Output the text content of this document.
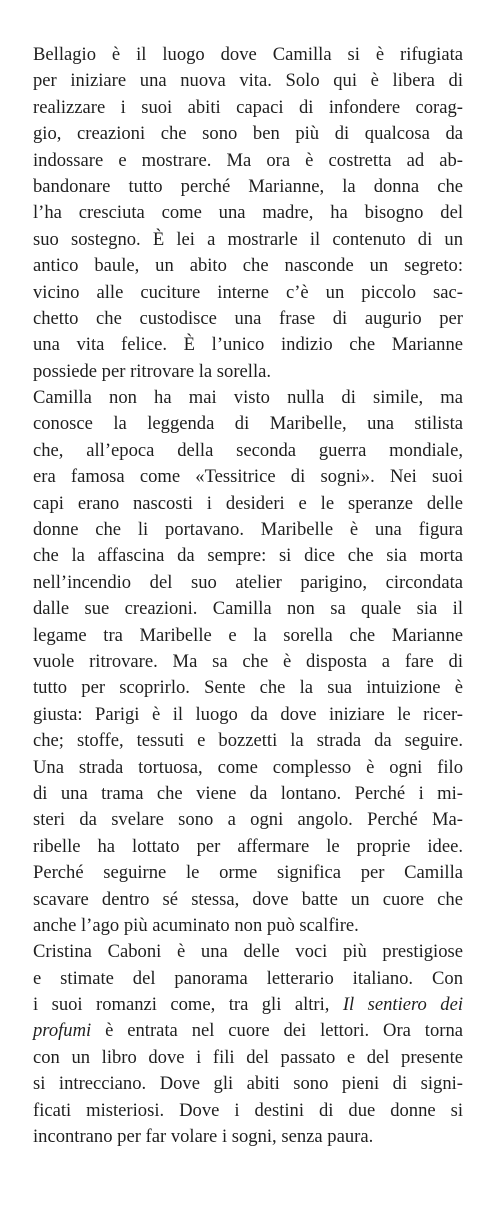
Bellagio è il luogo dove Camilla si è rifugiata
per iniziare una nuova vita. Solo qui è libera di
realizzare i suoi abiti capaci di infondere corag-
gio, creazioni che sono ben più di qualcosa da
indossare e mostrare. Ma ora è costretta ad ab-
bandonare tutto perché Marianne, la donna che
l’ha cresciuta come una madre, ha bisogno del
suo sostegno. È lei a mostrarle il contenuto di un
antico baule, un abito che nasconde un segreto:
vicino alle cuciture interne c’è un piccolo sac-
chetto che custodisce una frase di augurio per
una vita felice. È l’unico indizio che Marianne
possiede per ritrovare la sorella.
Camilla non ha mai visto nulla di simile, ma
conosce la leggenda di Maribelle, una stilista
che, all’epoca della seconda guerra mondiale,
era famosa come «Tessitrice di sogni». Nei suoi
capi erano nascosti i desideri e le speranze delle
donne che li portavano. Maribelle è una figura
che la affascina da sempre: si dice che sia morta
nell’incendio del suo atelier parigino, circondata
dalle sue creazioni. Camilla non sa quale sia il
legame tra Maribelle e la sorella che Marianne
vuole ritrovare. Ma sa che è disposta a fare di
tutto per scoprirlo. Sente che la sua intuizione è
giusta: Parigi è il luogo da dove iniziare le ricer-
che; stoffe, tessuti e bozzetti la strada da seguire.
Una strada tortuosa, come complesso è ogni filo
di una trama che viene da lontano. Perché i mi-
steri da svelare sono a ogni angolo. Perché Ma-
ribelle ha lottato per affermare le proprie idee.
Perché seguirne le orme significa per Camilla
scavare dentro sé stessa, dove batte un cuore che
anche l’ago più acuminato non può scalfire.
Cristina Caboni è una delle voci più prestigiose
e stimate del panorama letterario italiano. Con
i suoi romanzi come, tra gli altri, Il sentiero dei
profumi è entrata nel cuore dei lettori. Ora torna
con un libro dove i fili del passato e del presente
si intrecciano. Dove gli abiti sono pieni di signi-
ficati misteriosi. Dove i destini di due donne si
incontrano per far volare i sogni, senza paura.
